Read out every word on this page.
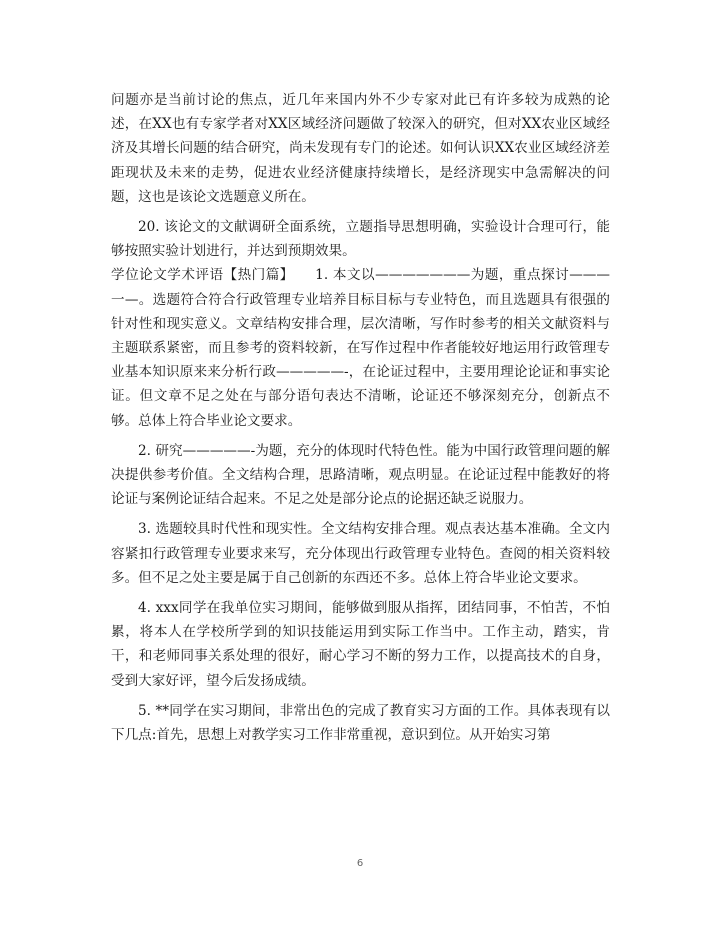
问题亦是当前讨论的焦点，近几年来国内外不少专家对此已有许多较为成熟的论述，在XX也有专家学者对XX区域经济问题做了较深入的研究，但对XX农业区域经济及其增长问题的结合研究，尚未发现有专门的论述。如何认识XX农业区域经济差距现状及未来的走势，促进农业经济健康持续增长，是经济现实中急需解决的问题，这也是该论文选题意义所在。

20. 该论文的文献调研全面系统，立题指导思想明确，实验设计合理可行，能够按照实验计划进行，并达到预期效果。

学位论文学术评语【热门篇】　　1. 本文以———————为题，重点探讨———一—。选题符合符合行政管理专业培养目标目标与专业特色，而且选题具有很强的针对性和现实意义。文章结构安排合理，层次清晰，写作时参考的相关文献资料与主题联系紧密，而且参考的资料较新，在写作过程中作者能较好地运用行政管理专业基本知识原来来分析行政—————-，在论证过程中，主要用理论论证和事实论证。但文章不足之处在与部分语句表达不清晰，论证还不够深刻充分，创新点不够。总体上符合毕业论文要求。

2. 研究—————-为题，充分的体现时代特色性。能为中国行政管理问题的解决提供参考价值。全文结构合理，思路清晰，观点明显。在论证过程中能教好的将论证与案例论证结合起来。不足之处是部分论点的论据还缺乏说服力。

3. 选题较具时代性和现实性。全文结构安排合理。观点表达基本准确。全文内容紧扣行政管理专业要求来写，充分体现出行政管理专业特色。查阅的相关资料较多。但不足之处主要是属于自己创新的东西还不多。总体上符合毕业论文要求。

4. xxx同学在我单位实习期间，能够做到服从指挥，团结同事，不怕苦，不怕累，将本人在学校所学到的知识技能运用到实际工作当中。工作主动，踏实，肯干，和老师同事关系处理的很好，耐心学习不断的努力工作，以提高技术的自身，受到大家好评，望今后发扬成绩。

5. **同学在实习期间，非常出色的完成了教育实习方面的工作。具体表现有以下几点:首先，思想上对教学实习工作非常重视，意识到位。从开始实习第

6
